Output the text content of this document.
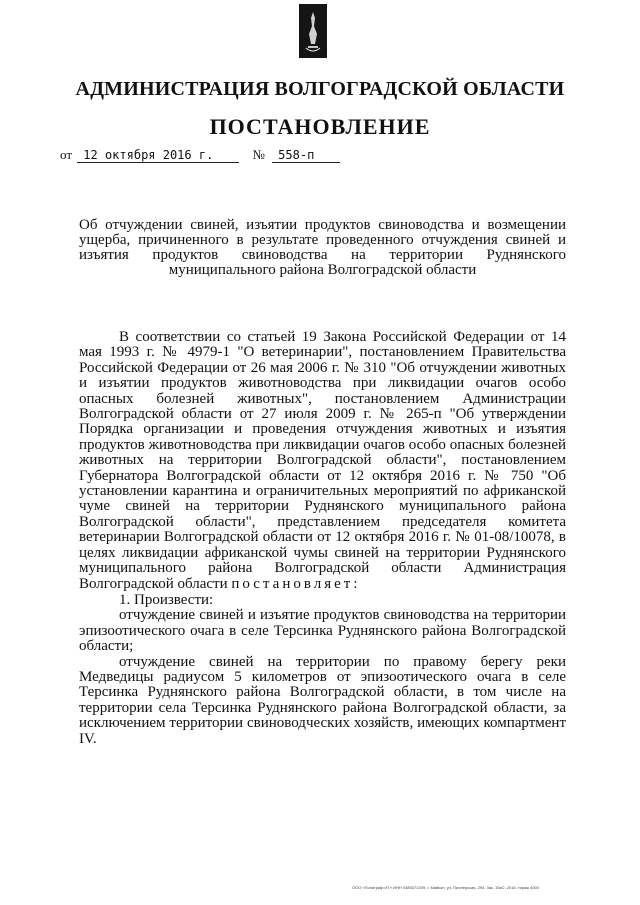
АДМИНИСТРАЦИЯ ВОЛГОГРАДСКОЙ ОБЛАСТИ
ПОСТАНОВЛЕНИЕ
от 12 октября 2016 г.	№ 558-п
Об отчуждении свиней, изъятии продуктов свиноводства и возмещении ущерба, причиненного в результате проведенного отчуждения свиней и изъятия продуктов свиноводства на территории Руднянского муниципального района Волгоградской области

В соответствии со статьей 19 Закона Российской Федерации от 14 мая 1993 г. № 4979-1 "О ветеринарии", постановлением Правительства Российской Федерации от 26 мая 2006 г. № 310 "Об отчуждении животных и изъятии продуктов животноводства при ликвидации очагов особо опасных болезней животных", постановлением Администрации Волгоградской области от 27 июля 2009 г. № 265-п "Об утверждении Порядка организации и проведения отчуждения животных и изъятия продуктов животноводства при ликвидации очагов особо опасных болезней животных на территории Волгоградской области", постановлением Губернатора Волгоградской области от 12 октября 2016 г. № 750 "Об установлении карантина и ограничительных мероприятий по африканской чуме свиней на территории Руднянского муниципального района Волгоградской области", представлением председателя комитета ветеринарии Волгоградской области от 12 октября 2016 г. № 01-08/10078, в целях ликвидации африканской чумы свиней на территории Руднянского муниципального района Волгоградской области Администрация Волгоградской области постановляет:

1. Произвести:

отчуждение свиней и изъятие продуктов свиноводства на территории эпизоотического очага в селе Терсинка Руднянского района Волгоградской области;

отчуждение свиней на территории по правому берегу реки Медведицы радиусом 5 километров от эпизоотического очага в селе Терсинка Руднянского района Волгоградской области, в том числе на территории села Терсинка Руднянского района Волгоградской области, за исключением территории свиноводческих хозяйств, имеющих компартмент IV.

ООО «Полиграф ИТ» ИНН 0385071309, г. Майкоп, ул. Пионерская, 294. Зак. 15кО, 2016, тираж 4000
